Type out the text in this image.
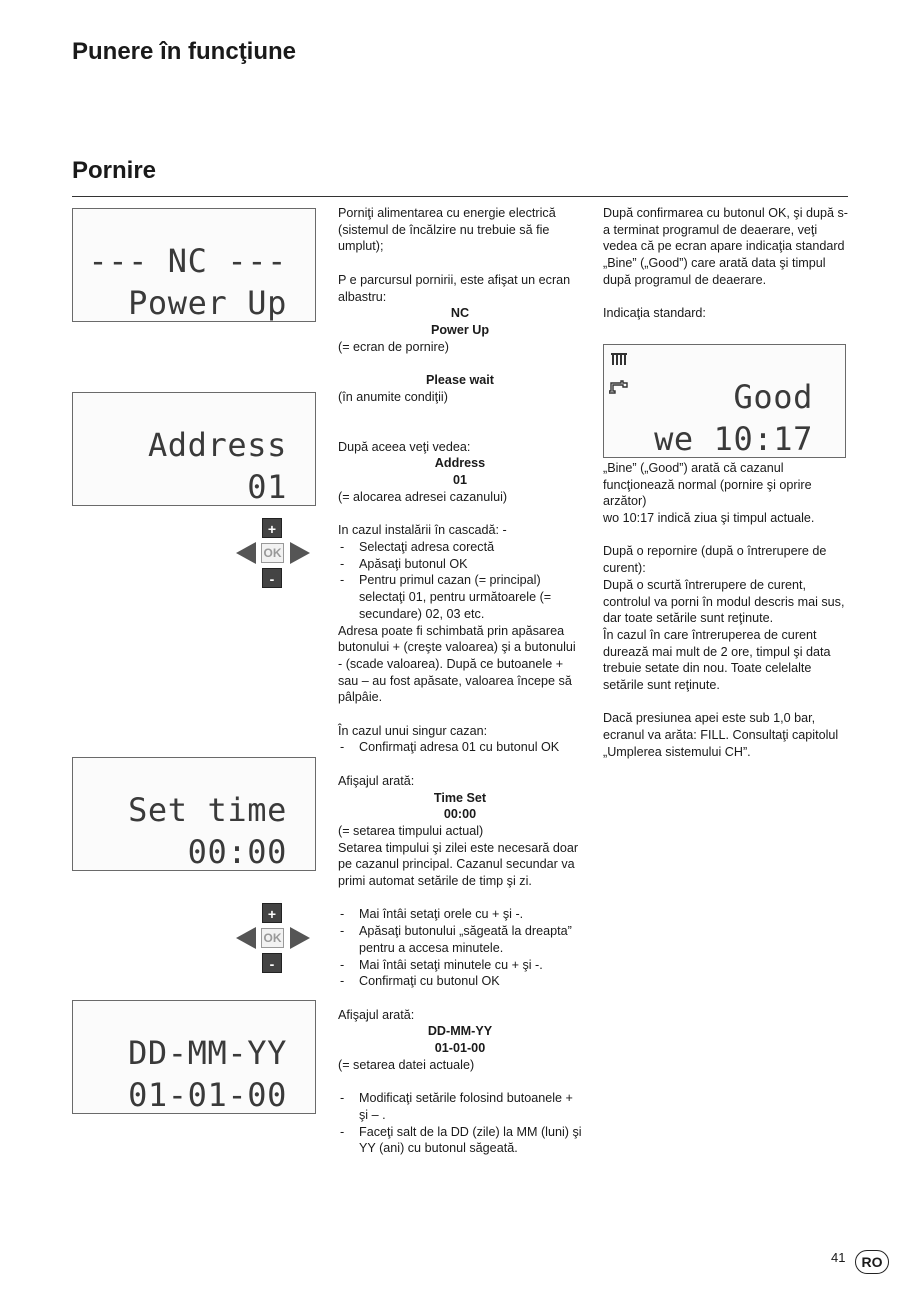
Punere în funcţiune
Pornire
--- NC ---
Power Up
Address
01
+
OK
-
Set time
00:00
+
OK
-
DD-MM-YY
01-01-00

Porniţi alimentarea cu energie electrică (sistemul de încălzire nu trebuie să fie umplut);

P e parcursul pornirii, este afişat un ecran albastru:

NC

Power Up

(= ecran de pornire)

Please wait

(în anumite condiţii)

După aceea veţi vedea:

Address

01

(= alocarea adresei cazanului)

In cazul instalării în cascadă: -

- Selectaţi adresa corectă
- Apăsaţi butonul OK
- Pentru primul cazan (= principal) selectaţi 01, pentru următoarele (= secundare) 02, 03 etc.

Adresa poate fi schimbată prin apăsarea butonului + (creşte valoarea) şi a butonului - (scade valoarea). După ce butoanele + sau – au fost apăsate, valoarea începe să pâlpâie.

În cazul unui singur cazan:

- Confirmaţi adresa 01 cu butonul OK

Afişajul arată:

Time Set

00:00

(= setarea timpului actual)

Setarea timpului şi zilei este necesară doar pe cazanul principal. Cazanul secundar va primi automat setările de timp şi zi.

- Mai întâi setaţi orele cu + şi -.
- Apăsaţi butonului „săgeată la dreapta” pentru a accesa minutele.
- Mai întâi setaţi minutele cu + şi -.
- Confirmaţi cu butonul OK

Afişajul arată:

DD-MM-YY

01-01-00

(= setarea datei actuale)

- Modificaţi setările folosind butoanele + şi – .
- Faceţi salt de la DD (zile) la MM (luni) şi YY (ani) cu butonul săgeată.

După confirmarea cu butonul OK, şi după s-a terminat programul de deaerare, veţi vedea că pe ecran apare indicaţia standard „Bine” („Good”) care arată data şi timpul după programul de deaerare.

Indicaţia standard:

„Bine” („Good”) arată că cazanul funcţionează normal (pornire şi oprire arzător)

wo 10:17 indică ziua şi timpul actuale.

După o repornire (după o întrerupere de curent):

După o scurtă întrerupere de curent, controlul va porni în modul descris mai sus, dar toate setările sunt reţinute.

În cazul în care întreruperea de curent durează mai mult de 2 ore, timpul şi data trebuie setate din nou. Toate celelalte setările sunt reţinute.

Dacă presiunea apei este sub 1,0 bar, ecranul va arăta: FILL. Consultaţi capitolul „Umplerea sistemului CH”.

Good
we 10:17
41	RO
